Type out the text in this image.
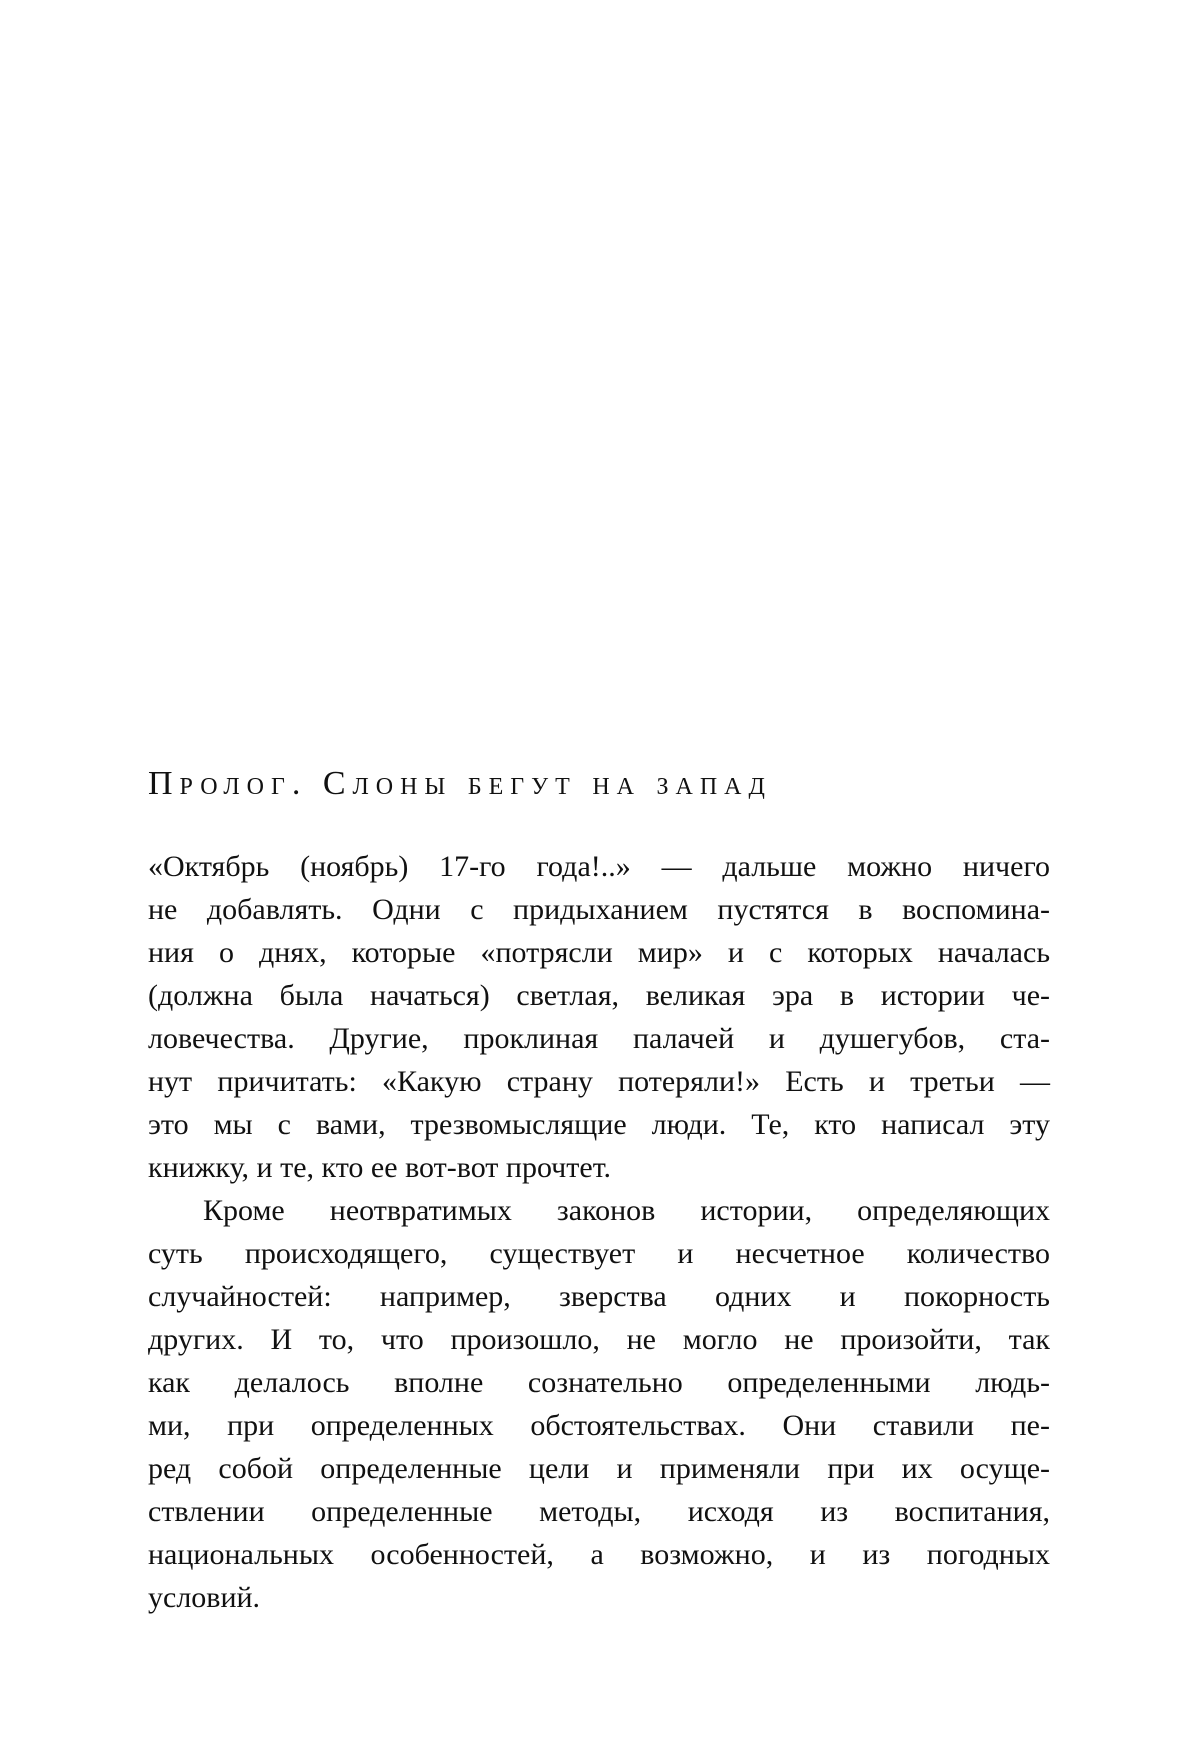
Пролог. Слоны бегут на запад
«Октябрь (ноябрь) 17-го года!..» — дальше можно ничего
не добавлять. Одни с придыханием пустятся в воспомина-
ния о днях, которые «потрясли мир» и с которых началась
(должна была начаться) светлая, великая эра в истории че-
ловечества. Другие, проклиная палачей и душегубов, ста-
нут причитать: «Какую страну потеряли!» Есть и третьи —
это мы с вами, трезвомыслящие люди. Те, кто написал эту
книжку, и те, кто ее вот-вот прочтет.
Кроме неотвратимых законов истории, определяющих
суть происходящего, существует и несчетное количество
случайностей: например, зверства одних и покорность
других. И то, что произошло, не могло не произойти, так
как делалось вполне сознательно определенными людь-
ми, при определенных обстоятельствах. Они ставили пе-
ред собой определенные цели и применяли при их осуще-
ствлении определенные методы, исходя из воспитания,
национальных особенностей, а возможно, и из погодных
условий.
